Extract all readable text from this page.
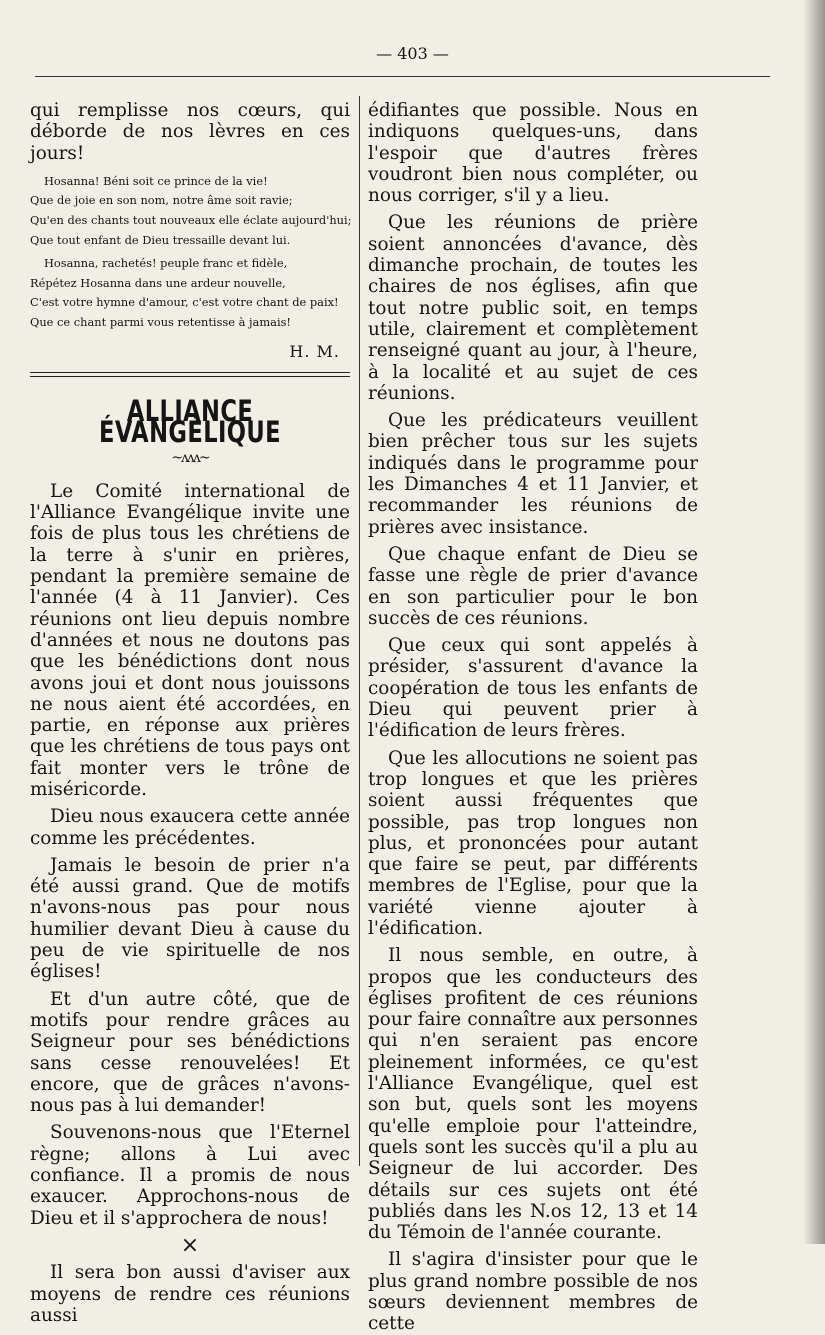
— 403 —

qui remplisse nos cœurs, qui déborde de nos lèvres en ces jours!

Hosanna! Béni soit ce prince de la vie!
Que de joie en son nom, notre âme soit ravie;
Qu'en des chants tout nouveaux elle éclate aujourd'hui;
Que tout enfant de Dieu tressaille devant lui.
Hosanna, rachetés! peuple franc et fidèle,
Répétez Hosanna dans une ardeur nouvelle,
C'est votre hymne d'amour, c'est votre chant de paix!
Que ce chant parmi vous retentisse à jamais!
H. M.
ALLIANCE ÉVANGÉLIQUE
~ᴧᴧᴧ~

Le Comité international de l'Alliance Evangélique invite une fois de plus tous les chrétiens de la terre à s'unir en prières, pendant la première semaine de l'année (4 à 11 Janvier). Ces réunions ont lieu depuis nombre d'années et nous ne doutons pas que les bénédictions dont nous avons joui et dont nous jouissons ne nous aient été accordées, en partie, en réponse aux prières que les chrétiens de tous pays ont fait monter vers le trône de miséricorde.

Dieu nous exaucera cette année comme les précédentes.

Jamais le besoin de prier n'a été aussi grand. Que de motifs n'avons-nous pas pour nous humilier devant Dieu à cause du peu de vie spirituelle de nos églises!

Et d'un autre côté, que de motifs pour rendre grâces au Seigneur pour ses bénédictions sans cesse renouvelées! Et encore, que de grâces n'avons-nous pas à lui demander!

Souvenons-nous que l'Eternel règne; allons à Lui avec confiance. Il a promis de nous exaucer. Approchons-nous de Dieu et il s'approchera de nous!

×

Il sera bon aussi d'aviser aux moyens de rendre ces réunions aussi

édifiantes que possible. Nous en indiquons quelques-uns, dans l'espoir que d'autres frères voudront bien nous compléter, ou nous corriger, s'il y a lieu.

Que les réunions de prière soient annoncées d'avance, dès dimanche prochain, de toutes les chaires de nos églises, afin que tout notre public soit, en temps utile, clairement et complètement renseigné quant au jour, à l'heure, à la localité et au sujet de ces réunions.

Que les prédicateurs veuillent bien prêcher tous sur les sujets indiqués dans le programme pour les Dimanches 4 et 11 Janvier, et recommander les réunions de prières avec insistance.

Que chaque enfant de Dieu se fasse une règle de prier d'avance en son particulier pour le bon succès de ces réunions.

Que ceux qui sont appelés à présider, s'assurent d'avance la coopération de tous les enfants de Dieu qui peuvent prier à l'édification de leurs frères.

Que les allocutions ne soient pas trop longues et que les prières soient aussi fréquentes que possible, pas trop longues non plus, et prononcées pour autant que faire se peut, par différents membres de l'Eglise, pour que la variété vienne ajouter à l'édification.

Il nous semble, en outre, à propos que les conducteurs des églises profitent de ces réunions pour faire connaître aux personnes qui n'en seraient pas encore pleinement informées, ce qu'est l'Alliance Evangélique, quel est son but, quels sont les moyens qu'elle emploie pour l'atteindre, quels sont les succès qu'il a plu au Seigneur de lui accorder. Des détails sur ces sujets ont été publiés dans les N.os 12, 13 et 14 du Témoin de l'année courante.

Il s'agira d'insister pour que le plus grand nombre possible de nos sœurs deviennent membres de cette
